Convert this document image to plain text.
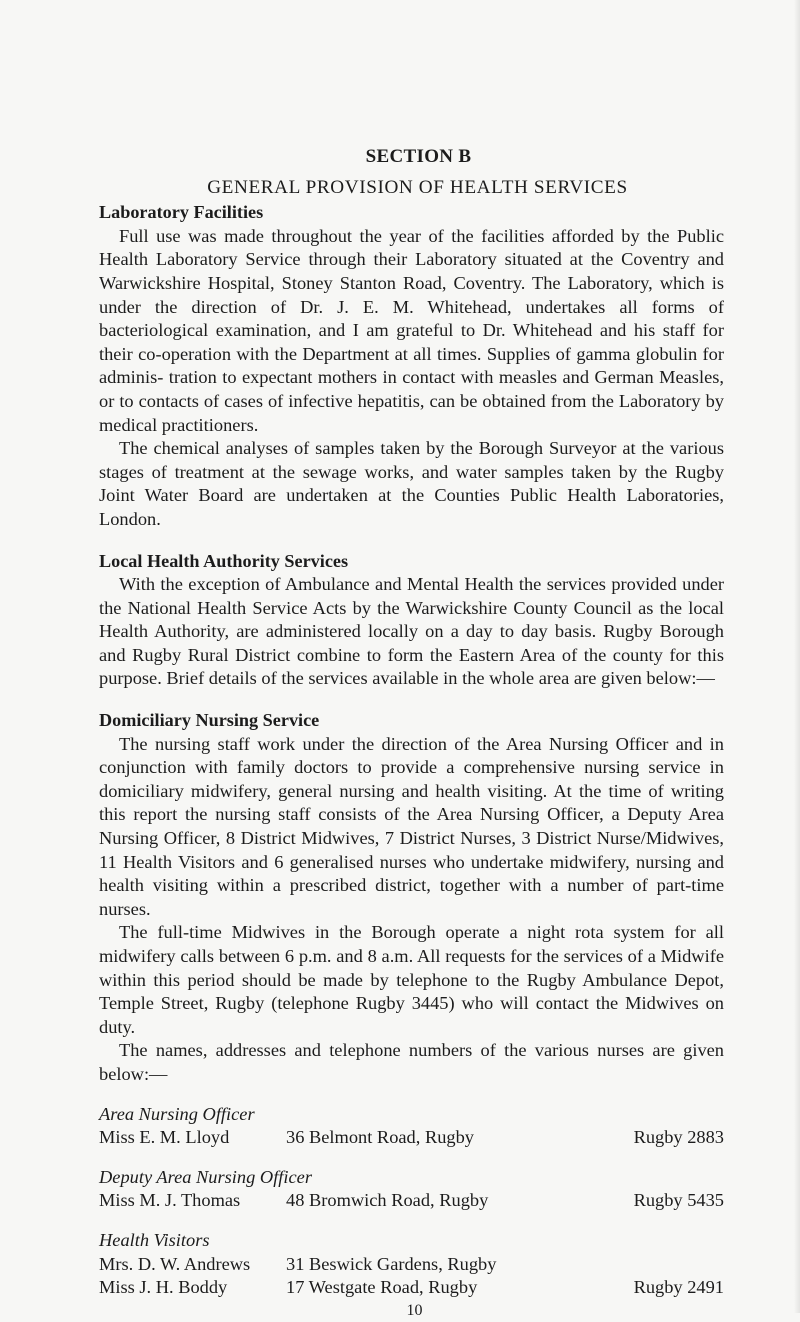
SECTION B
GENERAL PROVISION OF HEALTH SERVICES
Laboratory Facilities

Full use was made throughout the year of the facilities afforded by the Public Health Laboratory Service through their Laboratory situated at the Coventry and Warwickshire Hospital, Stoney Stanton Road, Coventry. The Laboratory, which is under the direction of Dr. J. E. M. Whitehead, undertakes all forms of bacteriological examination, and I am grateful to Dr. Whitehead and his staff for their co-operation with the Department at all times. Supplies of gamma globulin for adminis- tration to expectant mothers in contact with measles and German Measles, or to contacts of cases of infective hepatitis, can be obtained from the Laboratory by medical practitioners.

The chemical analyses of samples taken by the Borough Surveyor at the various stages of treatment at the sewage works, and water samples taken by the Rugby Joint Water Board are undertaken at the Counties Public Health Laboratories, London.

Local Health Authority Services

With the exception of Ambulance and Mental Health the services provided under the National Health Service Acts by the Warwickshire County Council as the local Health Authority, are administered locally on a day to day basis. Rugby Borough and Rugby Rural District combine to form the Eastern Area of the county for this purpose. Brief details of the services available in the whole area are given below:—

Domiciliary Nursing Service

The nursing staff work under the direction of the Area Nursing Officer and in conjunction with family doctors to provide a comprehensive nursing service in domiciliary midwifery, general nursing and health visiting. At the time of writing this report the nursing staff consists of the Area Nursing Officer, a Deputy Area Nursing Officer, 8 District Midwives, 7 District Nurses, 3 District Nurse/Midwives, 11 Health Visitors and 6 generalised nurses who undertake midwifery, nursing and health visiting within a prescribed district, together with a number of part-time nurses.

The full-time Midwives in the Borough operate a night rota system for all midwifery calls between 6 p.m. and 8 a.m. All requests for the services of a Midwife within this period should be made by telephone to the Rugby Ambulance Depot, Temple Street, Rugby (telephone Rugby 3445) who will contact the Midwives on duty.

The names, addresses and telephone numbers of the various nurses are given below:—

Area Nursing Officer
Miss E. M. Lloyd	36 Belmont Road, Rugby	Rugby 2883
Deputy Area Nursing Officer
Miss M. J. Thomas	48 Bromwich Road, Rugby	Rugby 5435
Health Visitors
Mrs. D. W. Andrews	31 Beswick Gardens, Rugby
Miss J. H. Boddy	17 Westgate Road, Rugby	Rugby 2491
10
